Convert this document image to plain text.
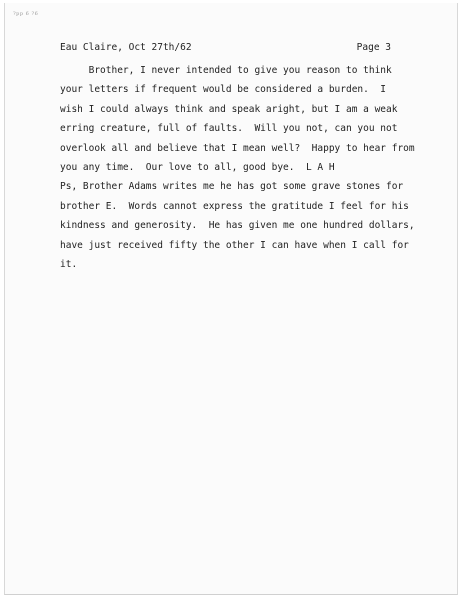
?pp 6 ?6
Eau Claire, Oct 27th/62	Page 3
Brother, I never intended to give you reason to think
your letters if frequent would be considered a burden.  I
wish I could always think and speak aright, but I am a weak
erring creature, full of faults.  Will you not, can you not
overlook all and believe that I mean well?  Happy to hear from
you any time.  Our love to all, good bye.  L A H
Ps, Brother Adams writes me he has got some grave stones for
brother E.  Words cannot express the gratitude I feel for his
kindness and generosity.  He has given me one hundred dollars,
have just received fifty the other I can have when I call for
it.
